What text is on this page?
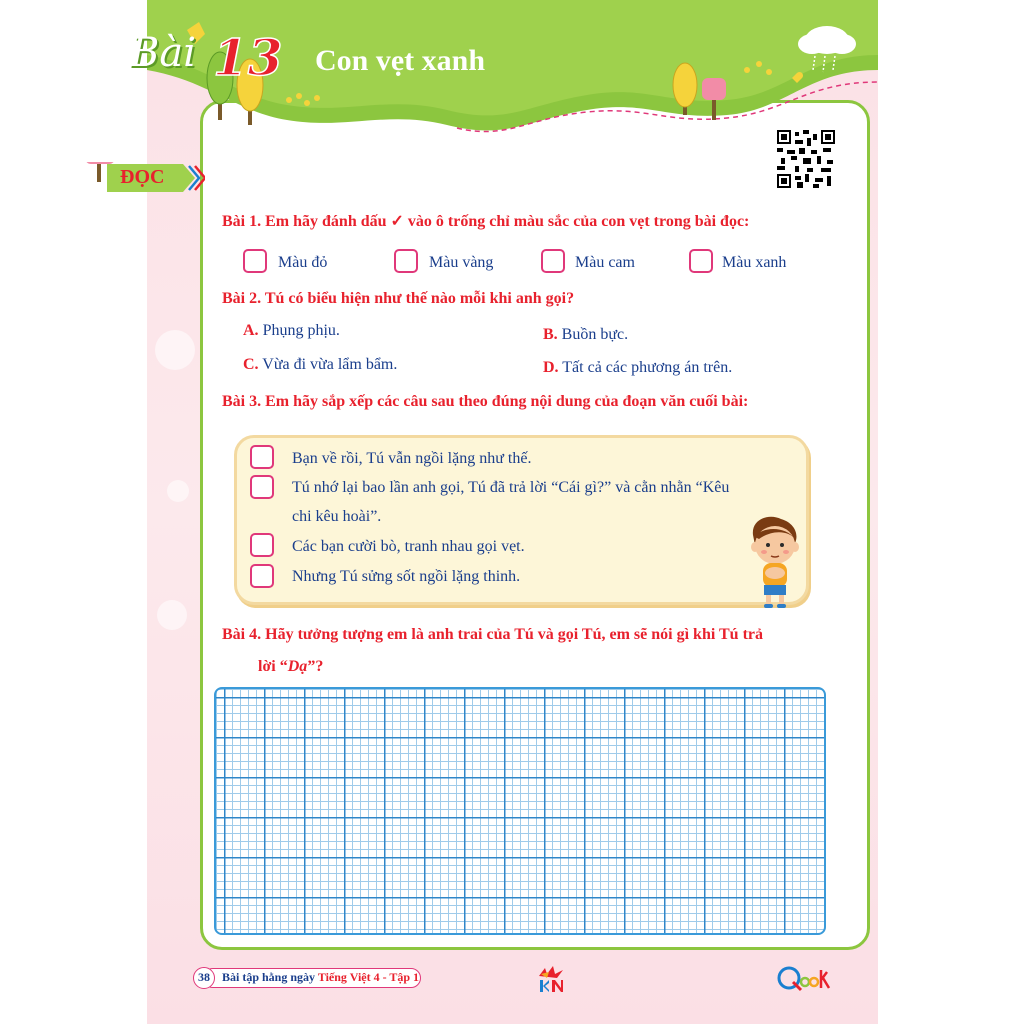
Bài 13 Con vẹt xanh
ĐỌC
Bài 1. Em hãy đánh dấu ✓ vào ô trống chỉ màu sắc của con vẹt trong bài đọc:
Màu đỏ	Màu vàng	Màu cam	Màu xanh
Bài 2. Tú có biểu hiện như thế nào mỗi khi anh gọi?
A. Phụng phịu.	B. Buồn bực.
C. Vừa đi vừa lẩm bẩm.	D. Tất cả các phương án trên.
Bài 3. Em hãy sắp xếp các câu sau theo đúng nội dung của đoạn văn cuối bài:
Bạn về rồi, Tú vẫn ngồi lặng như thế.
Tú nhớ lại bao lần anh gọi, Tú đã trả lời “Cái gì?” và cằn nhằn “Kêu
chi kêu hoài”.
Các bạn cười bò, tranh nhau gọi vẹt.
Nhưng Tú sửng sốt ngồi lặng thinh.
Bài 4. Hãy tưởng tượng em là anh trai của Tú và gọi Tú, em sẽ nói gì khi Tú trả
lời “Dạ”?
38	Bài tập hằng ngày Tiếng Việt 4 - Tập 1
